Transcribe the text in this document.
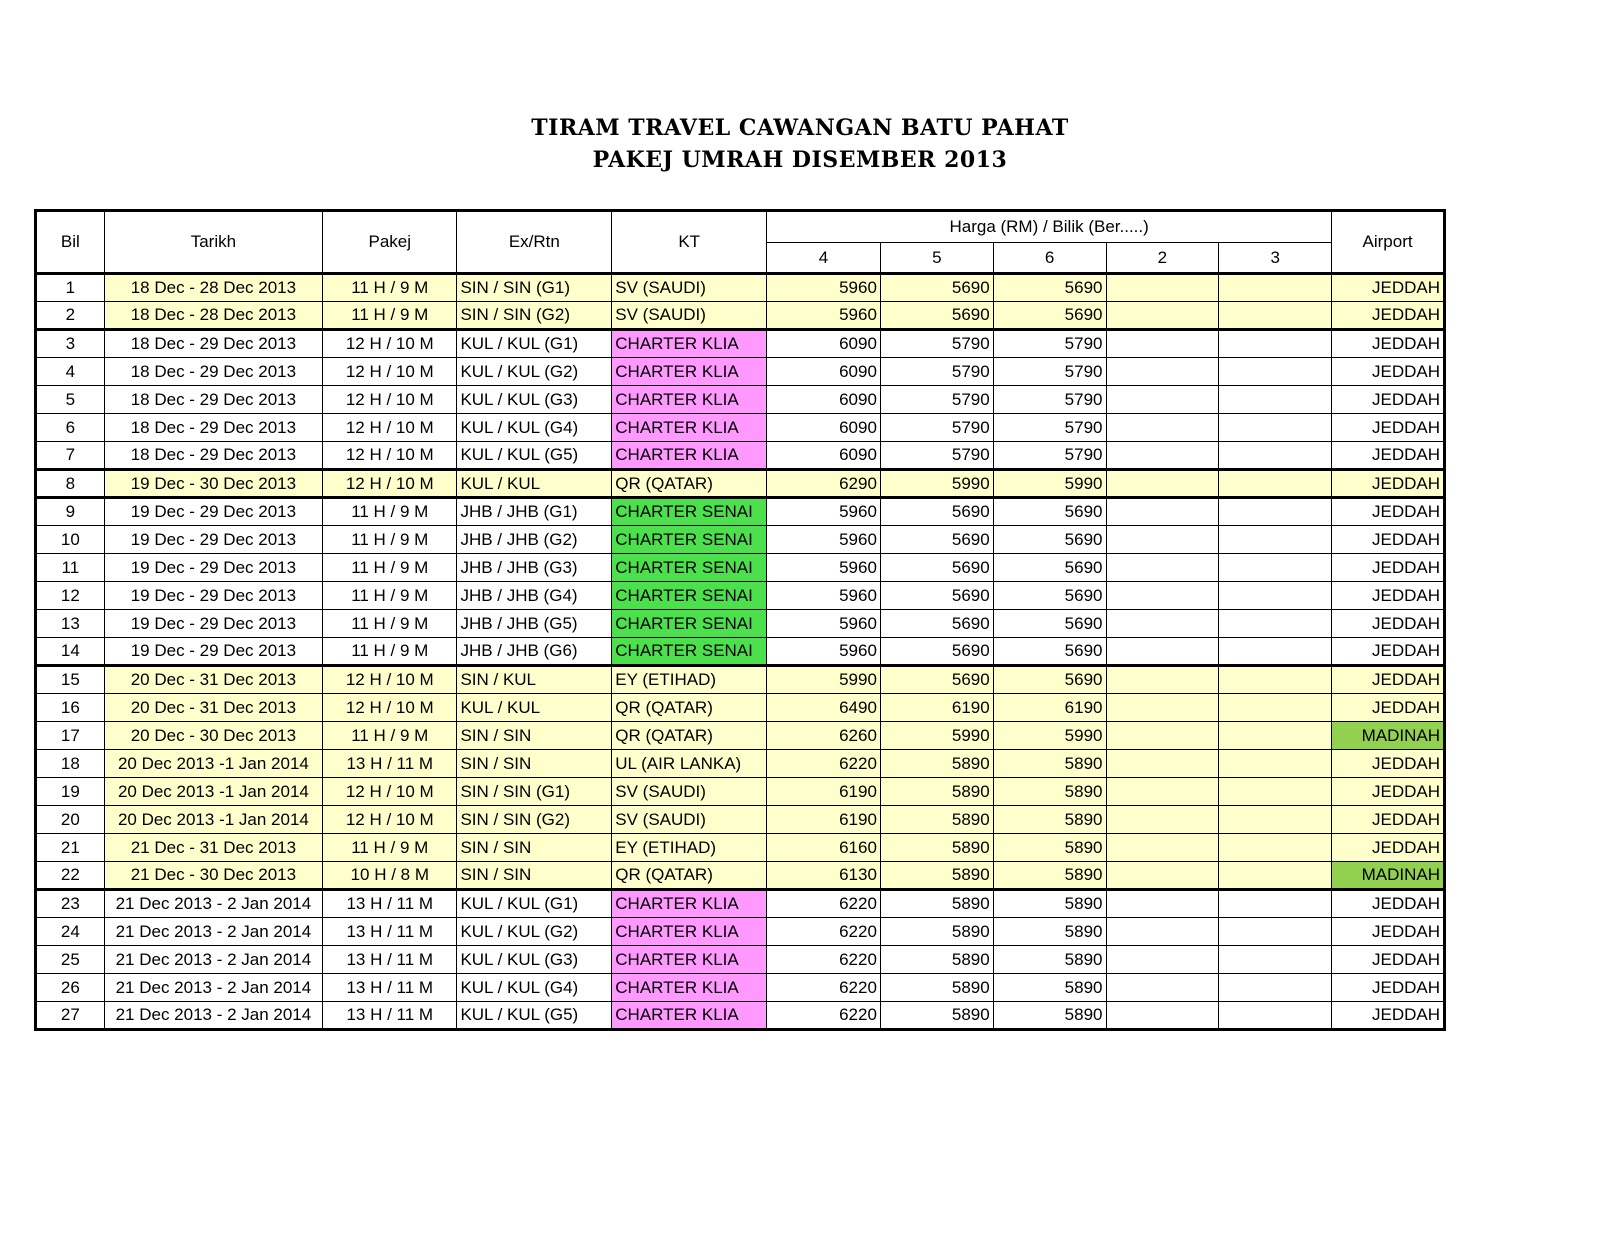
TIRAM TRAVEL CAWANGAN BATU PAHAT
PAKEJ UMRAH DISEMBER 2013
Bil	Tarikh	Pakej	Ex/Rtn	KT	Harga (RM) / Bilik (Ber.....)					Airport
					4	5	6	2	3	
1	18 Dec - 28 Dec 2013	11 H / 9 M	SIN / SIN (G1)	SV (SAUDI)	5960	5690	5690			JEDDAH
2	18 Dec - 28 Dec 2013	11 H / 9 M	SIN / SIN (G2)	SV (SAUDI)	5960	5690	5690			JEDDAH
3	18 Dec - 29 Dec 2013	12 H / 10 M	KUL / KUL (G1)	CHARTER KLIA	6090	5790	5790			JEDDAH
4	18 Dec - 29 Dec 2013	12 H / 10 M	KUL / KUL (G2)	CHARTER KLIA	6090	5790	5790			JEDDAH
5	18 Dec - 29 Dec 2013	12 H / 10 M	KUL / KUL (G3)	CHARTER KLIA	6090	5790	5790			JEDDAH
6	18 Dec - 29 Dec 2013	12 H / 10 M	KUL / KUL (G4)	CHARTER KLIA	6090	5790	5790			JEDDAH
7	18 Dec - 29 Dec 2013	12 H / 10 M	KUL / KUL (G5)	CHARTER KLIA	6090	5790	5790			JEDDAH
8	19 Dec - 30 Dec 2013	12 H / 10 M	KUL / KUL	QR (QATAR)	6290	5990	5990			JEDDAH
9	19 Dec - 29 Dec 2013	11 H / 9 M	JHB / JHB (G1)	CHARTER SENAI	5960	5690	5690			JEDDAH
10	19 Dec - 29 Dec 2013	11 H / 9 M	JHB / JHB (G2)	CHARTER SENAI	5960	5690	5690			JEDDAH
11	19 Dec - 29 Dec 2013	11 H / 9 M	JHB / JHB (G3)	CHARTER SENAI	5960	5690	5690			JEDDAH
12	19 Dec - 29 Dec 2013	11 H / 9 M	JHB / JHB (G4)	CHARTER SENAI	5960	5690	5690			JEDDAH
13	19 Dec - 29 Dec 2013	11 H / 9 M	JHB / JHB (G5)	CHARTER SENAI	5960	5690	5690			JEDDAH
14	19 Dec - 29 Dec 2013	11 H / 9 M	JHB / JHB (G6)	CHARTER SENAI	5960	5690	5690			JEDDAH
15	20 Dec - 31 Dec 2013	12 H / 10 M	SIN / KUL	EY (ETIHAD)	5990	5690	5690			JEDDAH
16	20 Dec - 31 Dec 2013	12 H / 10 M	KUL / KUL	QR (QATAR)	6490	6190	6190			JEDDAH
17	20 Dec - 30 Dec 2013	11 H / 9 M	SIN / SIN	QR (QATAR)	6260	5990	5990			MADINAH
18	20 Dec 2013 -1 Jan 2014	13 H / 11 M	SIN / SIN	UL (AIR LANKA)	6220	5890	5890			JEDDAH
19	20 Dec 2013 -1 Jan 2014	12 H / 10 M	SIN / SIN (G1)	SV (SAUDI)	6190	5890	5890			JEDDAH
20	20 Dec 2013 -1 Jan 2014	12 H / 10 M	SIN / SIN (G2)	SV (SAUDI)	6190	5890	5890			JEDDAH
21	21 Dec - 31 Dec 2013	11 H / 9 M	SIN / SIN	EY (ETIHAD)	6160	5890	5890			JEDDAH
22	21 Dec - 30 Dec 2013	10 H / 8 M	SIN / SIN	QR (QATAR)	6130	5890	5890			MADINAH
23	21 Dec 2013 - 2 Jan 2014	13 H / 11 M	KUL / KUL (G1)	CHARTER KLIA	6220	5890	5890			JEDDAH
24	21 Dec 2013 - 2 Jan 2014	13 H / 11 M	KUL / KUL (G2)	CHARTER KLIA	6220	5890	5890			JEDDAH
25	21 Dec 2013 - 2 Jan 2014	13 H / 11 M	KUL / KUL (G3)	CHARTER KLIA	6220	5890	5890			JEDDAH
26	21 Dec 2013 - 2 Jan 2014	13 H / 11 M	KUL / KUL (G4)	CHARTER KLIA	6220	5890	5890			JEDDAH
27	21 Dec 2013 - 2 Jan 2014	13 H / 11 M	KUL / KUL (G5)	CHARTER KLIA	6220	5890	5890			JEDDAH
